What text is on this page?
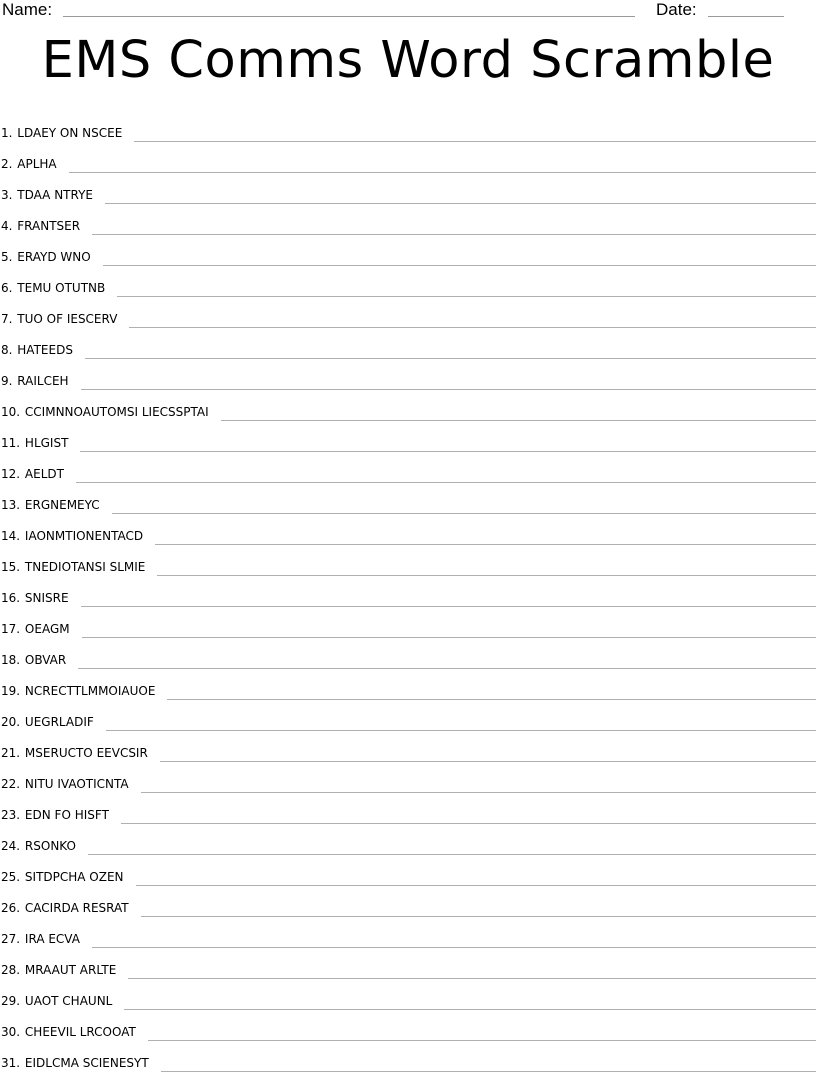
Name:	Date:
EMS Comms Word Scramble
1.
LDAEY ON NSCEE
2.
APLHA
3.
TDAA NTRYE
4.
FRANTSER
5.
ERAYD WNO
6.
TEMU OTUTNB
7.
TUO OF IESCERV
8.
HATEEDS
9.
RAILCEH
10.
CCIMNNOAUTOMSI LIECSSPTAI
11.
HLGIST
12.
AELDT
13.
ERGNEMEYC
14.
IAONMTIONENTACD
15.
TNEDIOTANSI SLMIE
16.
SNISRE
17.
OEAGM
18.
OBVAR
19.
NCRECTTLMMOIAUOE
20.
UEGRLADIF
21.
MSERUCTO EEVCSIR
22.
NITU IVAOTICNTA
23.
EDN FO HISFT
24.
RSONKO
25.
SITDPCHA OZEN
26.
CACIRDA RESRAT
27.
IRA ECVA
28.
MRAAUT ARLTE
29.
UAOT CHAUNL
30.
CHEEVIL LRCOOAT
31.
EIDLCMA SCIENESYT
